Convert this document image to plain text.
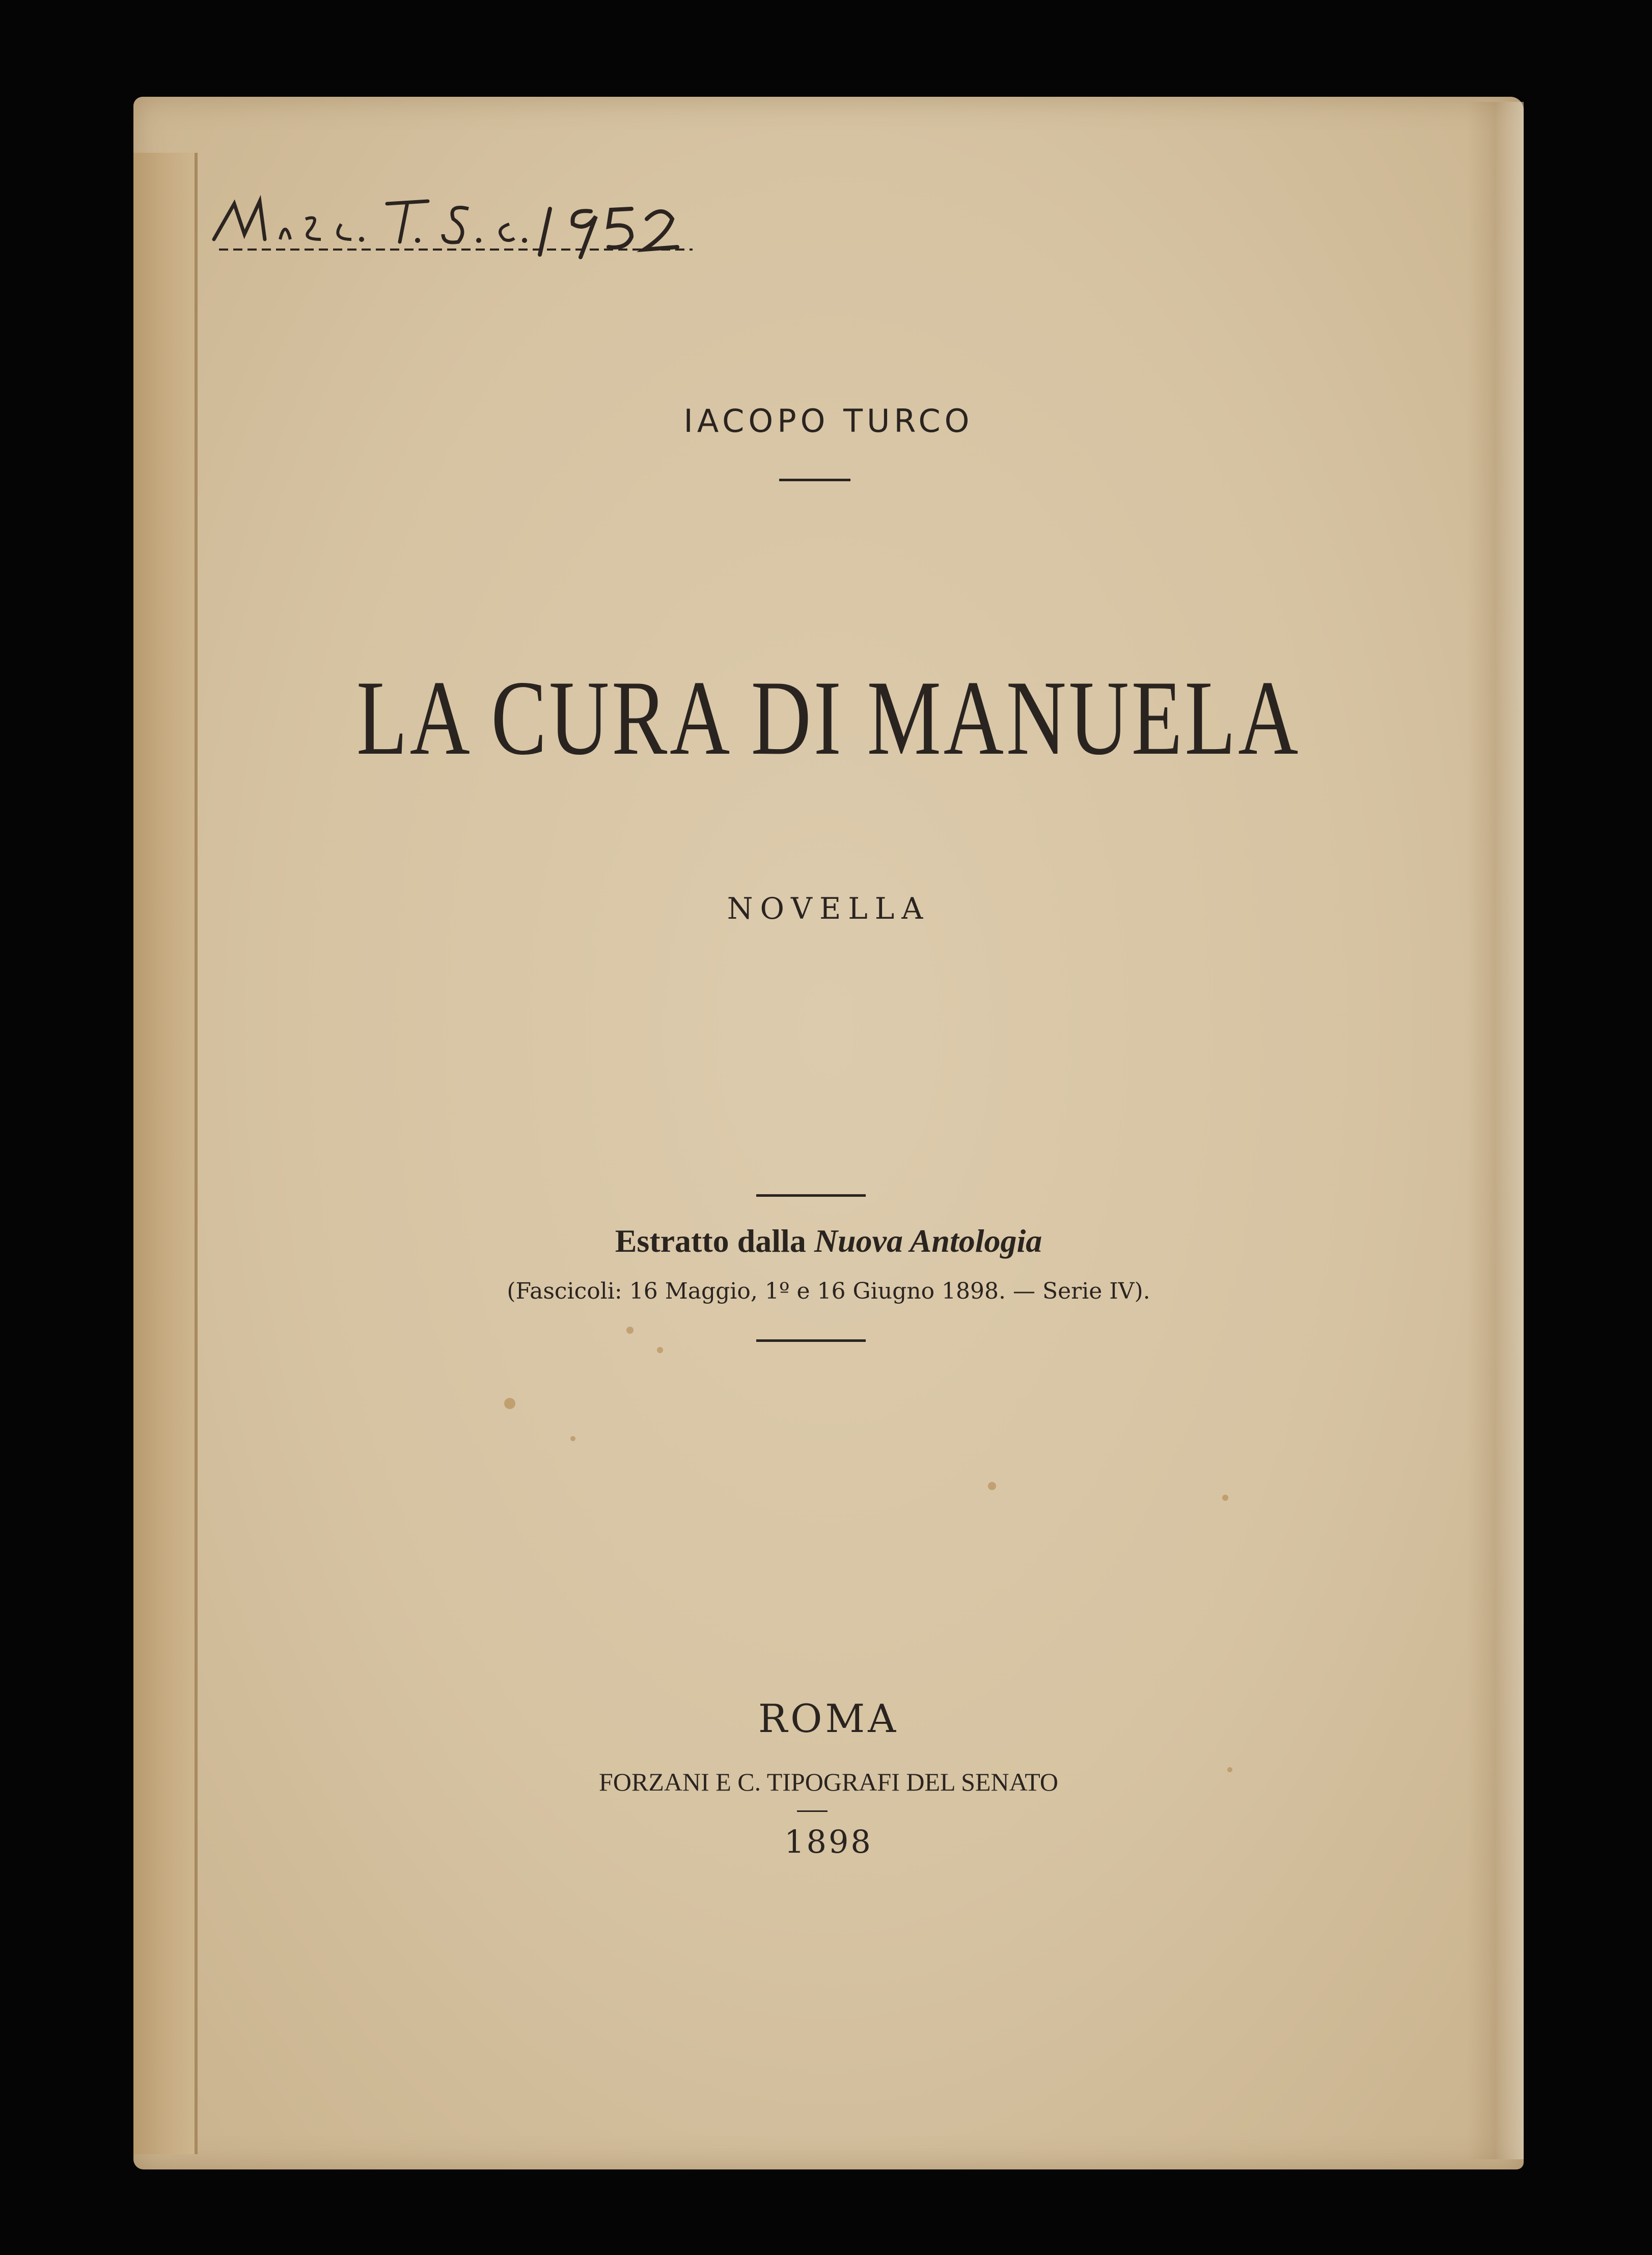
IACOPO TURCO
LA CURA DI MANUELA
NOVELLA
Estratto dalla Nuova Antologia
(Fascicoli: 16 Maggio, 1º e 16 Giugno 1898. — Serie IV).
ROMA
FORZANI E C. TIPOGRAFI DEL SENATO
1898
